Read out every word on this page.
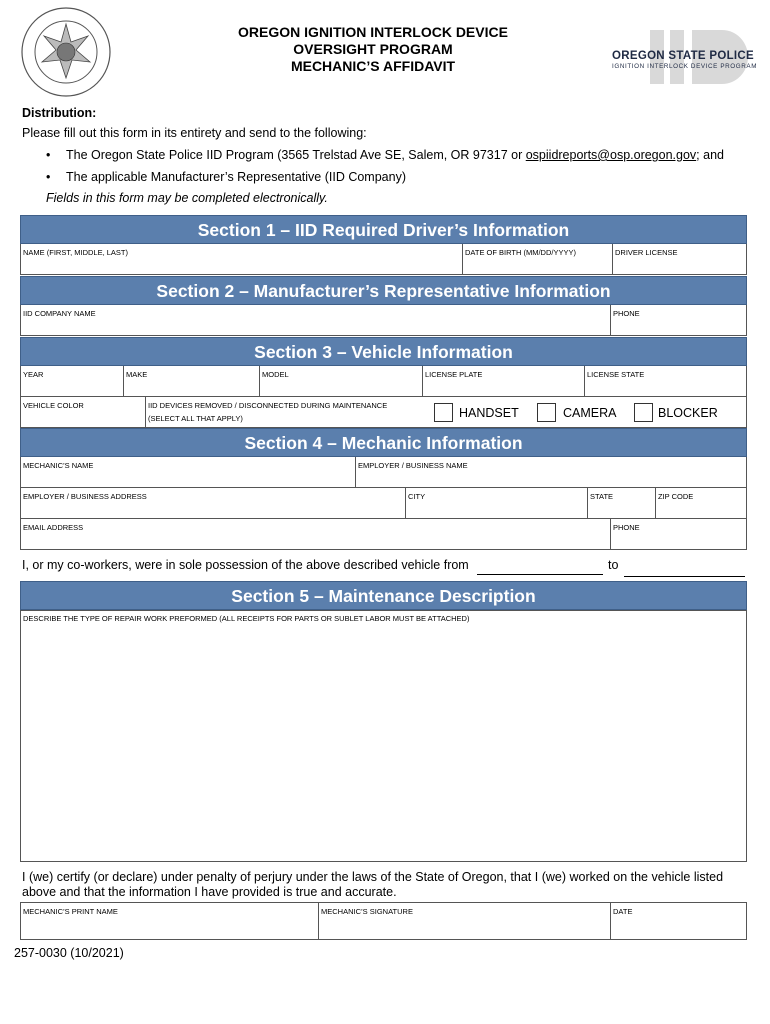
OREGON IGNITION INTERLOCK DEVICE
OVERSIGHT PROGRAM
MECHANIC’S AFFIDAVIT
OREGON STATE POLICE
IGNITION INTERLOCK DEVICE PROGRAM
Distribution:
Please fill out this form in its entirety and send to the following:
• The Oregon State Police IID Program (3565 Trelstad Ave SE, Salem, OR 97317 or ospiidreports@osp.oregon.gov; and
• The applicable Manufacturer’s Representative (IID Company)
Fields in this form may be completed electronically.
Section 1 – IID Required Driver’s Information
NAME (FIRST, MIDDLE, LAST)	DATE OF BIRTH (MM/DD/YYYY)	DRIVER LICENSE
Section 2 – Manufacturer’s Representative Information
IID COMPANY NAME	PHONE
Section 3 – Vehicle Information
YEAR	MAKE	MODEL	LICENSE PLATE	LICENSE STATE
VEHICLE COLOR	IID DEVICES REMOVED / DISCONNECTED DURING MAINTENANCE
(SELECT ALL THAT APPLY)	HANDSET	CAMERA	BLOCKER
Section 4 – Mechanic Information
MECHANIC’S NAME	EMPLOYER / BUSINESS NAME
EMPLOYER / BUSINESS ADDRESS	CITY	STATE	ZIP CODE
EMAIL ADDRESS	PHONE
I, or my co-workers, were in sole possession of the above described vehicle from	to
Section 5 – Maintenance Description
DESCRIBE THE TYPE OF REPAIR WORK PREFORMED (ALL RECEIPTS FOR PARTS OR SUBLET LABOR MUST BE ATTACHED)
I (we) certify (or declare) under penalty of perjury under the laws of the State of Oregon, that I (we) worked on the vehicle listed
above and that the information I have provided is true and accurate.
MECHANIC’S PRINT NAME	MECHANIC’S SIGNATURE	DATE
257-0030 (10/2021)
